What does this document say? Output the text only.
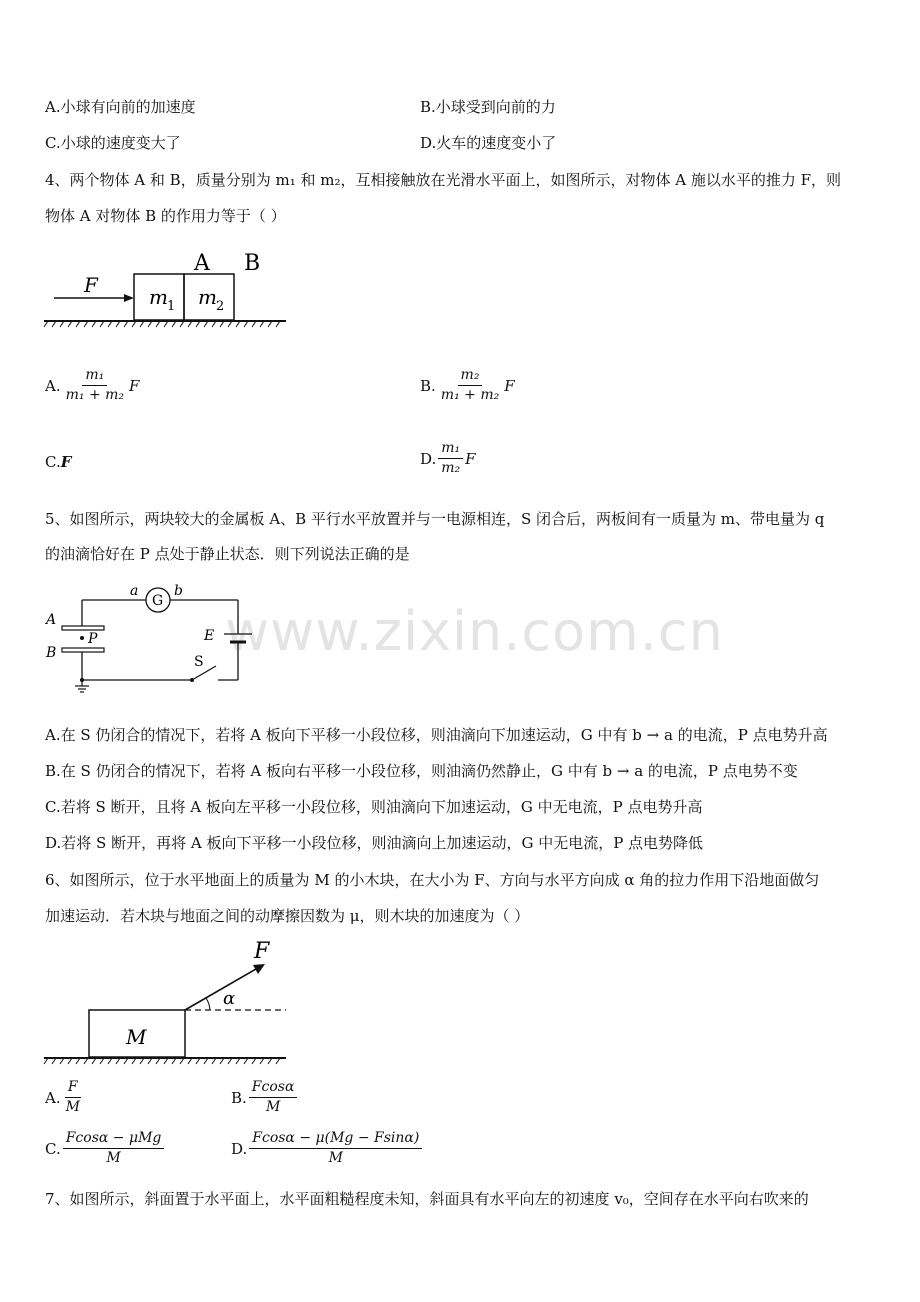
www.zixin.com.cn
A.小球有向前的加速度	B.小球受到向前的力
C.小球的速度变大了	D.火车的速度变小了
4、两个物体 A 和 B，质量分别为 m₁ 和 m₂，互相接触放在光滑水平面上，如图所示，对物体 A 施以水平的推力 F，则
物体 A 对物体 B 的作用力等于（ ）
A B
m 1 m 2
F
A. $\frac{\text{m₁}}{\text{m₁ + m₂}}$ F	B. $\frac{\text{m₂}}{\text{m₁ + m₂}}$ F
C.F	D. $\frac{\text{m₁}}{\text{m₂}}$ F
5、如图所示，两块较大的金属板 A、B 平行水平放置并与一电源相连，S 闭合后，两板间有一质量为 m、带电量为 q
的油滴恰好在 P 点处于静止状态．则下列说法正确的是
G
a	b
A
P
B
S
E
A.在 S 仍闭合的情况下，若将 A 板向下平移一小段位移，则油滴向下加速运动，G 中有 b → a 的电流，P 点电势升高
B.在 S 仍闭合的情况下，若将 A 板向右平移一小段位移，则油滴仍然静止，G 中有 b → a 的电流，P 点电势不变
C.若将 S 断开，且将 A 板向左平移一小段位移，则油滴向下加速运动，G 中无电流，P 点电势升高
D.若将 S 断开，再将 A 板向下平移一小段位移，则油滴向上加速运动，G 中无电流，P 点电势降低
6、如图所示，位于水平地面上的质量为 M 的小木块，在大小为 F、方向与水平方向成 α 角的拉力作用下沿地面做匀
加速运动．若木块与地面之间的动摩擦因数为 μ，则木块的加速度为（ ）
M
F
α
A. $\frac{F}{M}$	B. $\frac{Fcos\alpha}{M}$
C. $\frac{\text{Fcosα − μMg}}{M}$	D. $\frac{Fcos\alpha - \mu(Mg - Fsin\alpha)}{M}$
7、如图所示，斜面置于水平面上，水平面粗糙程度未知，斜面具有水平向左的初速度 v₀，空间存在水平向右吹来的
